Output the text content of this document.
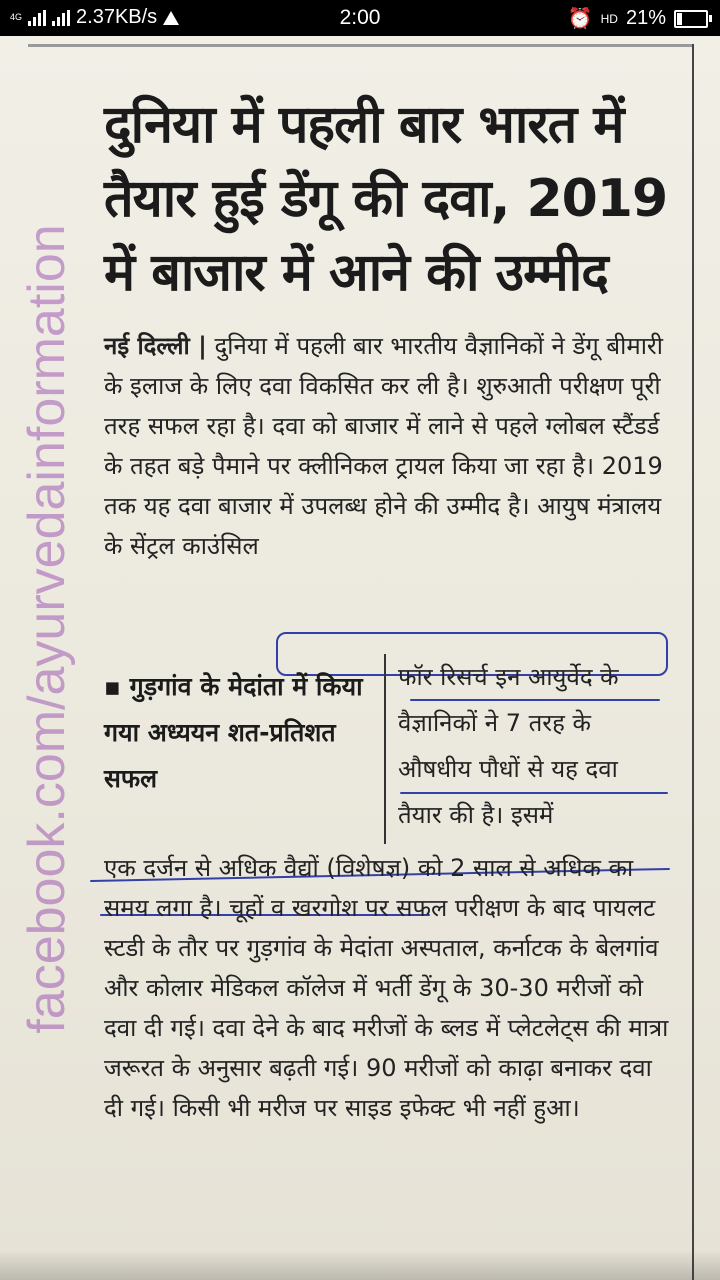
4G	2.37KB/s	2:00	⏰ HD 21%
facebook.com/ayurvedainformation
दुनिया में पहली बार भारत में तैयार हुई डेंगू की दवा, 2019 में बाजार में आने की उम्मीद
नई दिल्ली | दुनिया में पहली बार भारतीय वैज्ञानिकों ने डेंगू बीमारी के इलाज के लिए दवा विकसित कर ली है। शुरुआती परीक्षण पूरी तरह सफल रहा है। दवा को बाजार में लाने से पहले ग्लोबल स्टैंडर्ड के तहत बड़े पैमाने पर क्लीनिकल ट्रायल किया जा रहा है। 2019 तक यह दवा बाजार में उपलब्ध होने की उम्मीद है। आयुष मंत्रालय के सेंट्रल काउंसिल
▪ गुड़गांव के मेदांता में किया गया अध्ययन शत-प्रतिशत सफल
फॉर रिसर्च इन आयुर्वेद के वैज्ञानिकों ने 7 तरह के औषधीय पौधों से यह दवा तैयार की है। इसमें
एक दर्जन से अधिक वैद्यों (विशेषज्ञ) को 2 साल से अधिक का समय लगा है। चूहों व खरगोश पर सफल परीक्षण के बाद पायलट स्टडी के तौर पर गुड़गांव के मेदांता अस्पताल, कर्नाटक के बेलगांव और कोलार मेडिकल कॉलेज में भर्ती डेंगू के 30-30 मरीजों को दवा दी गई। दवा देने के बाद मरीजों के ब्लड में प्लेटलेट्स की मात्रा जरूरत के अनुसार बढ़ती गई। 90 मरीजों को काढ़ा बनाकर दवा दी गई। किसी भी मरीज पर साइड इफेक्ट भी नहीं हुआ।
